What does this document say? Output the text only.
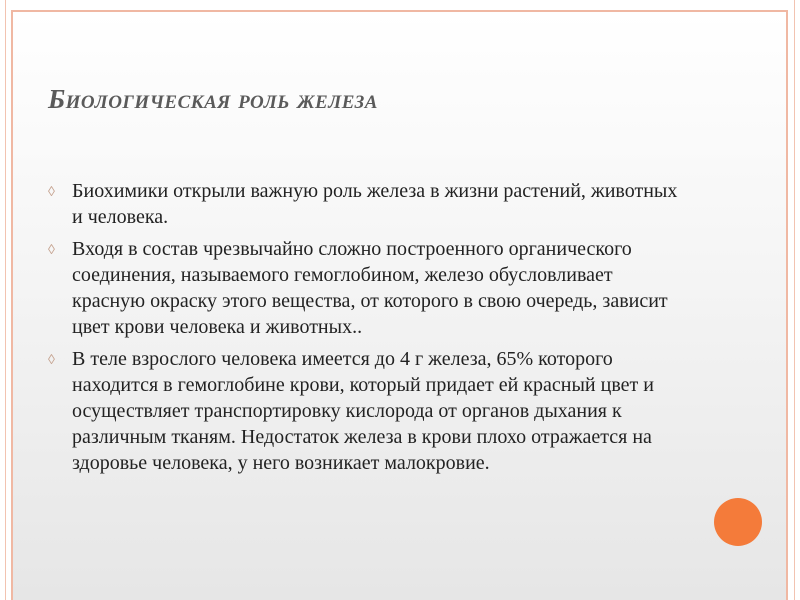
Биологическая роль железа
◊ Биохимики открыли важную роль железа в жизни растений, животных и человека.
◊ Входя в состав чрезвычайно сложно построенного органического соединения, называемого гемоглобином, железо обусловливает красную окраску этого вещества, от которого в свою очередь, зависит цвет крови человека и животных..
◊ В теле взрослого человека имеется до 4 г железа, 65% которого находится в гемоглобине крови, который придает ей красный цвет и осуществляет транспортировку кислорода от органов дыхания к различным тканям. Недостаток железа в крови плохо отражается на здоровье человека, у него возникает малокровие.
